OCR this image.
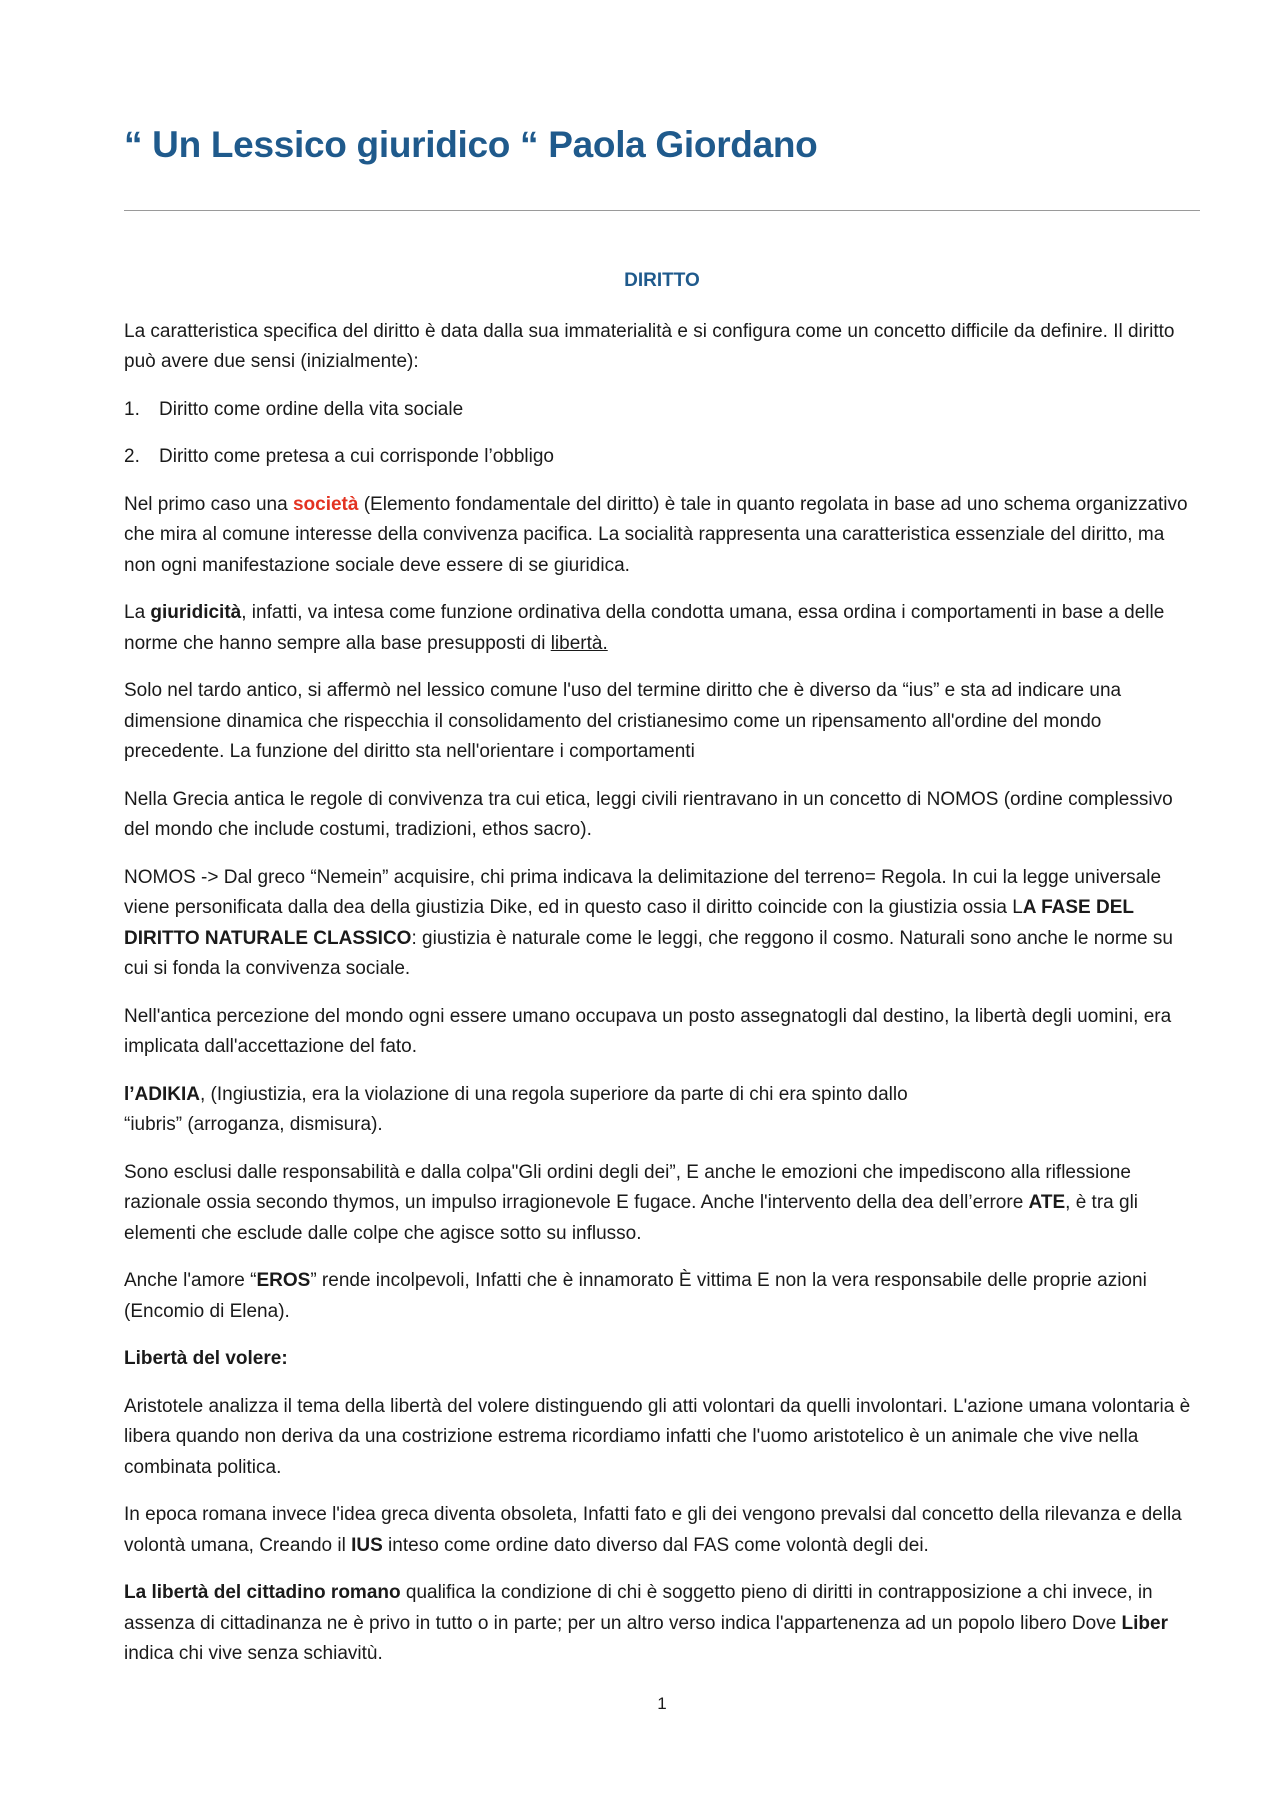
“ Un Lessico giuridico “ Paola Giordano
DIRITTO

La caratteristica specifica del diritto è data dalla sua immaterialità e si configura come un concetto difficile da definire. Il diritto può avere due sensi (inizialmente):

1.	Diritto come ordine della vita sociale
2.	Diritto come pretesa a cui corrisponde l’obbligo

Nel primo caso una società (Elemento fondamentale del diritto) è tale in quanto regolata in base ad uno schema organizzativo che mira al comune interesse della convivenza pacifica. La socialità rappresenta una caratteristica essenziale del diritto, ma non ogni manifestazione sociale deve essere di se giuridica.

La giuridicità, infatti, va intesa come funzione ordinativa della condotta umana, essa ordina i comportamenti in base a delle norme che hanno sempre alla base presupposti di libertà.

Solo nel tardo antico, si affermò nel lessico comune l'uso del termine diritto che è diverso da “ius” e sta ad indicare una dimensione dinamica che rispecchia il consolidamento del cristianesimo come un ripensamento all'ordine del mondo precedente. La funzione del diritto sta nell'orientare i comportamenti

Nella Grecia antica le regole di convivenza tra cui etica, leggi civili rientravano in un concetto di NOMOS (ordine complessivo del mondo che include costumi, tradizioni, ethos sacro).

NOMOS -> Dal greco “Nemein” acquisire, chi prima indicava la delimitazione del terreno= Regola. In cui la legge universale viene personificata dalla dea della giustizia Dike, ed in questo caso il diritto coincide con la giustizia ossia LA FASE DEL DIRITTO NATURALE CLASSICO: giustizia è naturale come le leggi, che reggono il cosmo. Naturali sono anche le norme su cui si fonda la convivenza sociale.

Nell'antica percezione del mondo ogni essere umano occupava un posto assegnatogli dal destino, la libertà degli uomini, era implicata dall'accettazione del fato.

l’ADIKIA, (Ingiustizia, era la violazione di una regola superiore da parte di chi era spinto dallo
“iubris” (arroganza, dismisura).

Sono esclusi dalle responsabilità e dalla colpa"Gli ordini degli dei”, E anche le emozioni che impediscono alla riflessione razionale ossia secondo thymos, un impulso irragionevole E fugace. Anche l'intervento della dea dell’errore ATE, è tra gli elementi che esclude dalle colpe che agisce sotto su influsso.

Anche l'amore “EROS” rende incolpevoli, Infatti che è innamorato È vittima E non la vera responsabile delle proprie azioni (Encomio di Elena).

Libertà del volere:

Aristotele analizza il tema della libertà del volere distinguendo gli atti volontari da quelli involontari. L'azione umana volontaria è libera quando non deriva da una costrizione estrema ricordiamo infatti che l'uomo aristotelico è un animale che vive nella combinata politica.

In epoca romana invece l'idea greca diventa obsoleta, Infatti fato e gli dei vengono prevalsi dal concetto della rilevanza e della volontà umana, Creando il IUS inteso come ordine dato diverso dal FAS come volontà degli dei.

La libertà del cittadino romano qualifica la condizione di chi è soggetto pieno di diritti in contrapposizione a chi invece, in assenza di cittadinanza ne è privo in tutto o in parte; per un altro verso indica l'appartenenza ad un popolo libero Dove Liber indica chi vive senza schiavitù.

1
